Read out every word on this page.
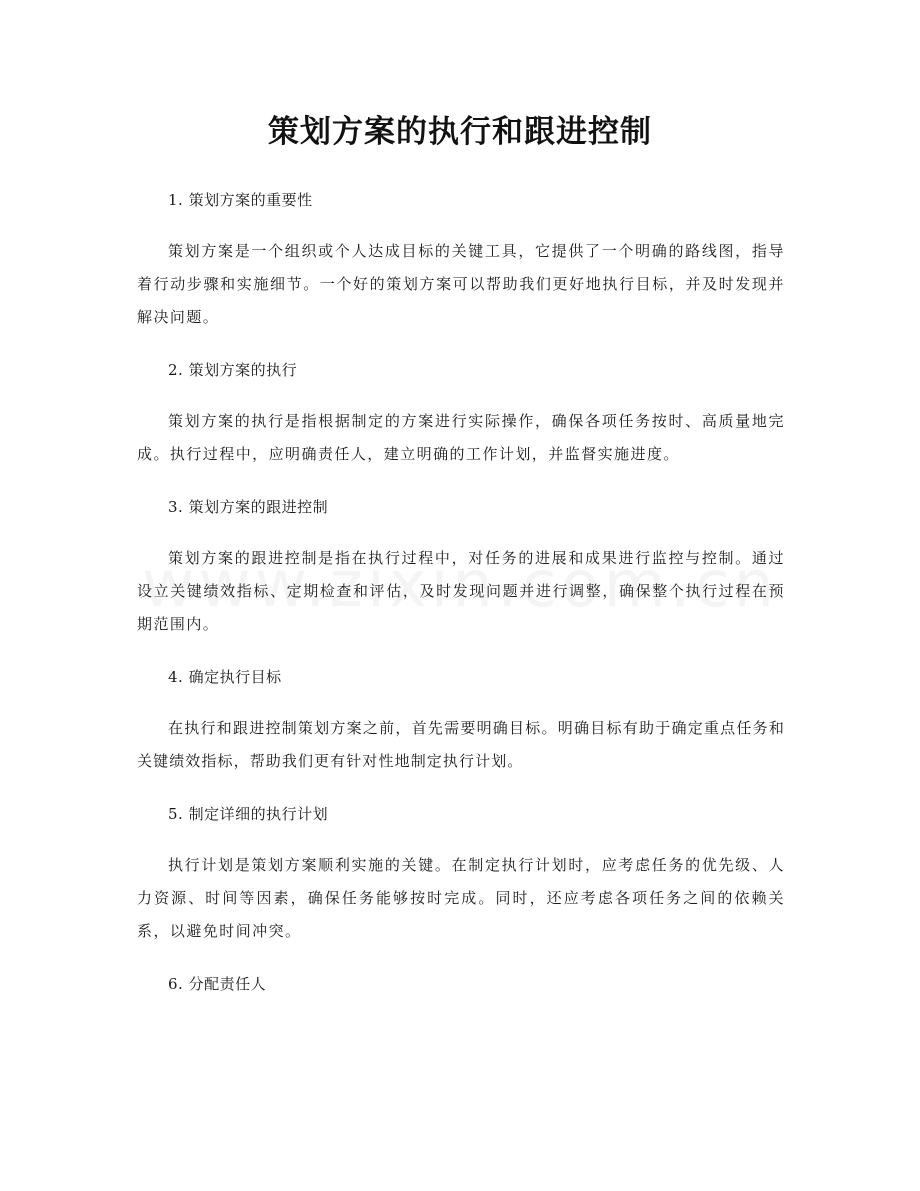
策划方案的执行和跟进控制

1. 策划方案的重要性

策划方案是一个组织或个人达成目标的关键工具，它提供了一个明确的路线图，指导着行动步骤和实施细节。一个好的策划方案可以帮助我们更好地执行目标，并及时发现并解决问题。

2. 策划方案的执行

策划方案的执行是指根据制定的方案进行实际操作，确保各项任务按时、高质量地完成。执行过程中，应明确责任人，建立明确的工作计划，并监督实施进度。

3. 策划方案的跟进控制

策划方案的跟进控制是指在执行过程中，对任务的进展和成果进行监控与控制。通过设立关键绩效指标、定期检查和评估，及时发现问题并进行调整，确保整个执行过程在预期范围内。

4. 确定执行目标

在执行和跟进控制策划方案之前，首先需要明确目标。明确目标有助于确定重点任务和关键绩效指标，帮助我们更有针对性地制定执行计划。

5. 制定详细的执行计划

执行计划是策划方案顺利实施的关键。在制定执行计划时，应考虑任务的优先级、人力资源、时间等因素，确保任务能够按时完成。同时，还应考虑各项任务之间的依赖关系，以避免时间冲突。

6. 分配责任人
